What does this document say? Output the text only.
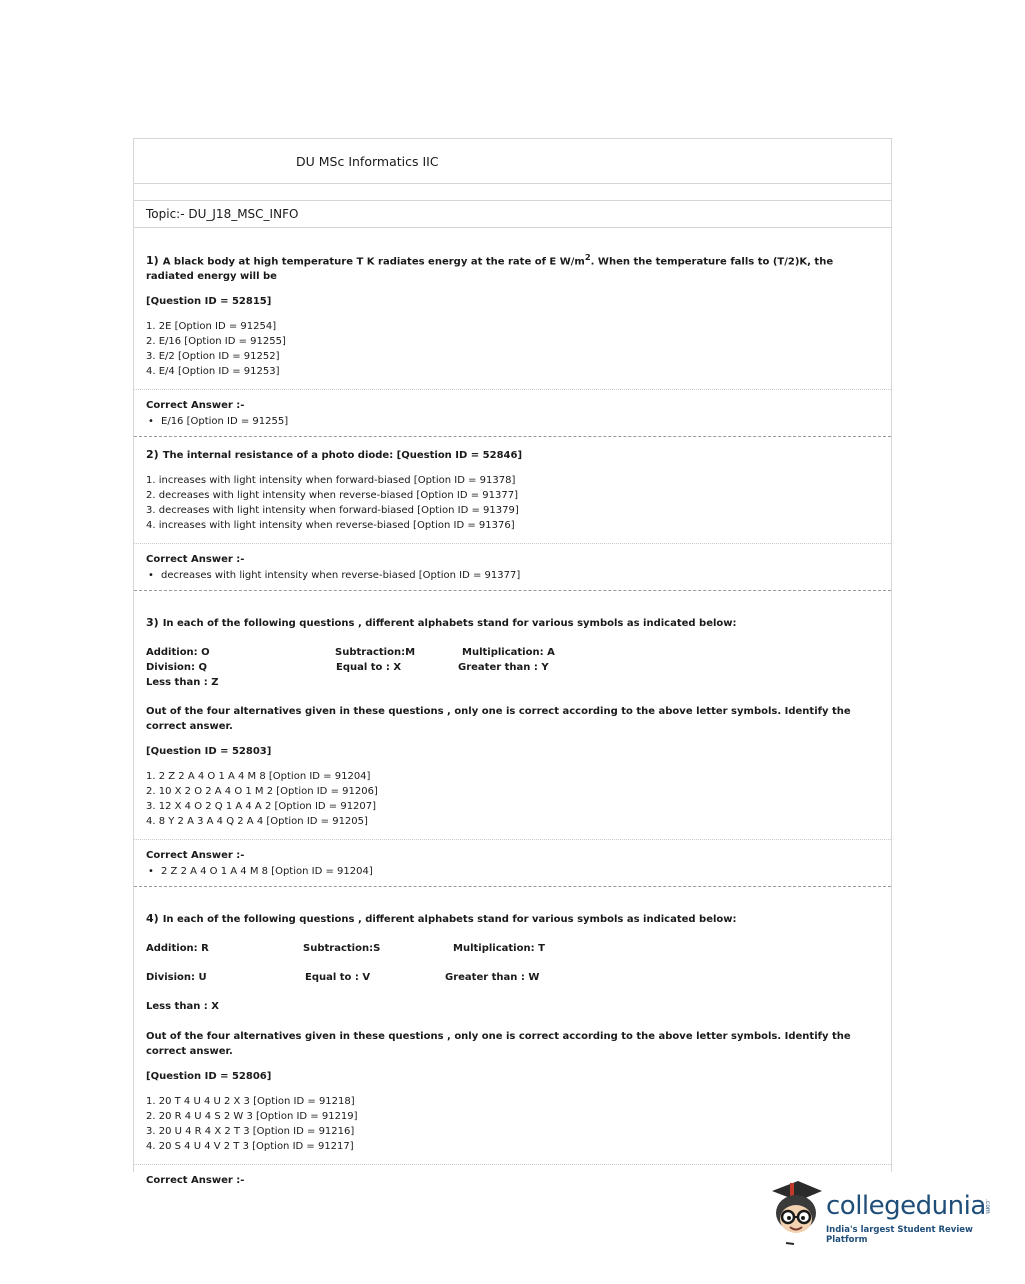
DU MSc Informatics IIC
Topic:- DU_J18_MSC_INFO
1) A black body at high temperature T K radiates energy at the rate of E $W/m^2$. When the temperature falls to (T/2)K, the radiated energy will be
[Question ID = 52815]
1. 2E [Option ID = 91254]
2. E/16 [Option ID = 91255]
3. E/2 [Option ID = 91252]
4. E/4 [Option ID = 91253]
Correct Answer :-
• E/16 [Option ID = 91255]
2) The internal resistance of a photo diode: [Question ID = 52846]
1. increases with light intensity when forward-biased [Option ID = 91378]
2. decreases with light intensity when reverse-biased [Option ID = 91377]
3. decreases with light intensity when forward-biased [Option ID = 91379]
4. increases with light intensity when reverse-biased [Option ID = 91376]
Correct Answer :-
• decreases with light intensity when reverse-biased [Option ID = 91377]
3) In each of the following questions , different alphabets stand for various symbols as indicated below:
Addition: O	Subtraction:M	Multiplication: A
Division: Q	Equal to : X	Greater than : Y
Less than : Z
Out of the four alternatives given in these questions , only one is correct according to the above letter symbols. Identify the correct answer.
[Question ID = 52803]
1. 2 Z 2 A 4 O 1 A 4 M 8 [Option ID = 91204]
2. 10 X 2 O 2 A 4 O 1 M 2 [Option ID = 91206]
3. 12 X 4 O 2 Q 1 A 4 A 2 [Option ID = 91207]
4. 8 Y 2 A 3 A 4 Q 2 A 4 [Option ID = 91205]
Correct Answer :-
• 2 Z 2 A 4 O 1 A 4 M 8 [Option ID = 91204]
4) In each of the following questions , different alphabets stand for various symbols as indicated below:
Addition: R	Subtraction:S	Multiplication: T
Division: U	Equal to : V	Greater than : W
Less than : X
Out of the four alternatives given in these questions , only one is correct according to the above letter symbols. Identify the correct answer.
[Question ID = 52806]
1. 20 T 4 U 4 U 2 X 3 [Option ID = 91218]
2. 20 R 4 U 4 S 2 W 3 [Option ID = 91219]
3. 20 U 4 R 4 X 2 T 3 [Option ID = 91216]
4. 20 S 4 U 4 V 2 T 3 [Option ID = 91217]
Correct Answer :-
collegedunia
.com
India's largest Student Review Platform
